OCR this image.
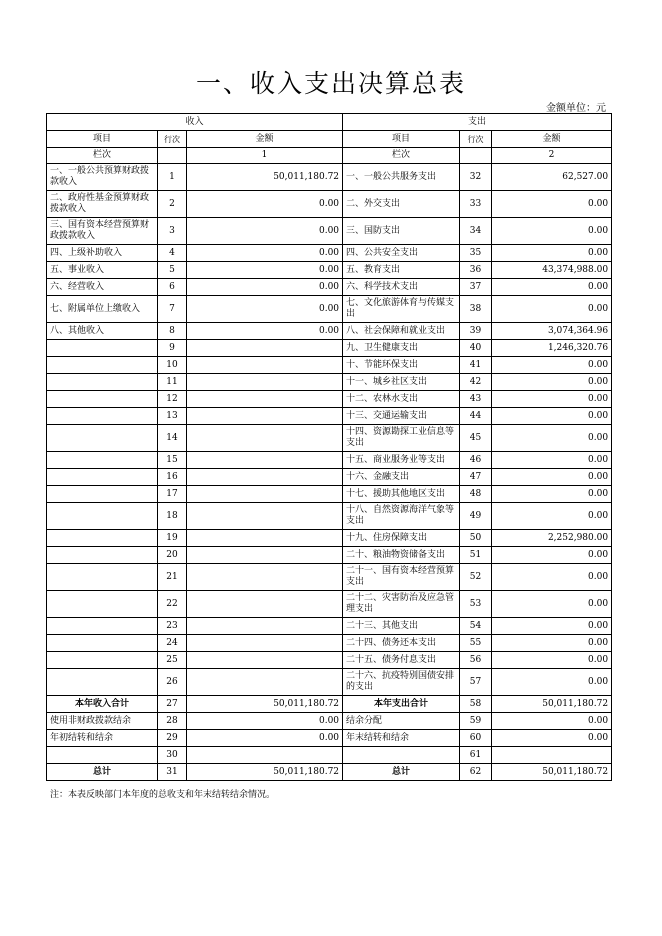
一、收入支出决算总表
金额单位：元
收入			支出		
项目	行次	金额	项目	行次	金额
栏次		1	栏次		2
一、一般公共预算财政拨款收入	1	50,011,180.72	一、一般公共服务支出	32	62,527.00
二、政府性基金预算财政拨款收入	2	0.00	二、外交支出	33	0.00
三、国有资本经营预算财政拨款收入	3	0.00	三、国防支出	34	0.00
四、上级补助收入	4	0.00	四、公共安全支出	35	0.00
五、事业收入	5	0.00	五、教育支出	36	43,374,988.00
六、经营收入	6	0.00	六、科学技术支出	37	0.00
七、附属单位上缴收入	7	0.00	七、文化旅游体育与传媒支出	38	0.00
八、其他收入	8	0.00	八、社会保障和就业支出	39	3,074,364.96
	9		九、卫生健康支出	40	1,246,320.76
	10		十、节能环保支出	41	0.00
	11		十一、城乡社区支出	42	0.00
	12		十二、农林水支出	43	0.00
	13		十三、交通运输支出	44	0.00
	14		十四、资源勘探工业信息等支出	45	0.00
	15		十五、商业服务业等支出	46	0.00
	16		十六、金融支出	47	0.00
	17		十七、援助其他地区支出	48	0.00
	18		十八、自然资源海洋气象等支出	49	0.00
	19		十九、住房保障支出	50	2,252,980.00
	20		二十、粮油物资储备支出	51	0.00
	21		二十一、国有资本经营预算支出	52	0.00
	22		二十二、灾害防治及应急管理支出	53	0.00
	23		二十三、其他支出	54	0.00
	24		二十四、债务还本支出	55	0.00
	25		二十五、债务付息支出	56	0.00
	26		二十六、抗疫特别国债安排的支出	57	0.00
本年收入合计	27	50,011,180.72	本年支出合计	58	50,011,180.72
使用非财政拨款结余	28	0.00	结余分配	59	0.00
年初结转和结余	29	0.00	年末结转和结余	60	0.00
	30			61	
总计	31	50,011,180.72	总计	62	50,011,180.72
注：本表反映部门本年度的总收支和年末结转结余情况。
